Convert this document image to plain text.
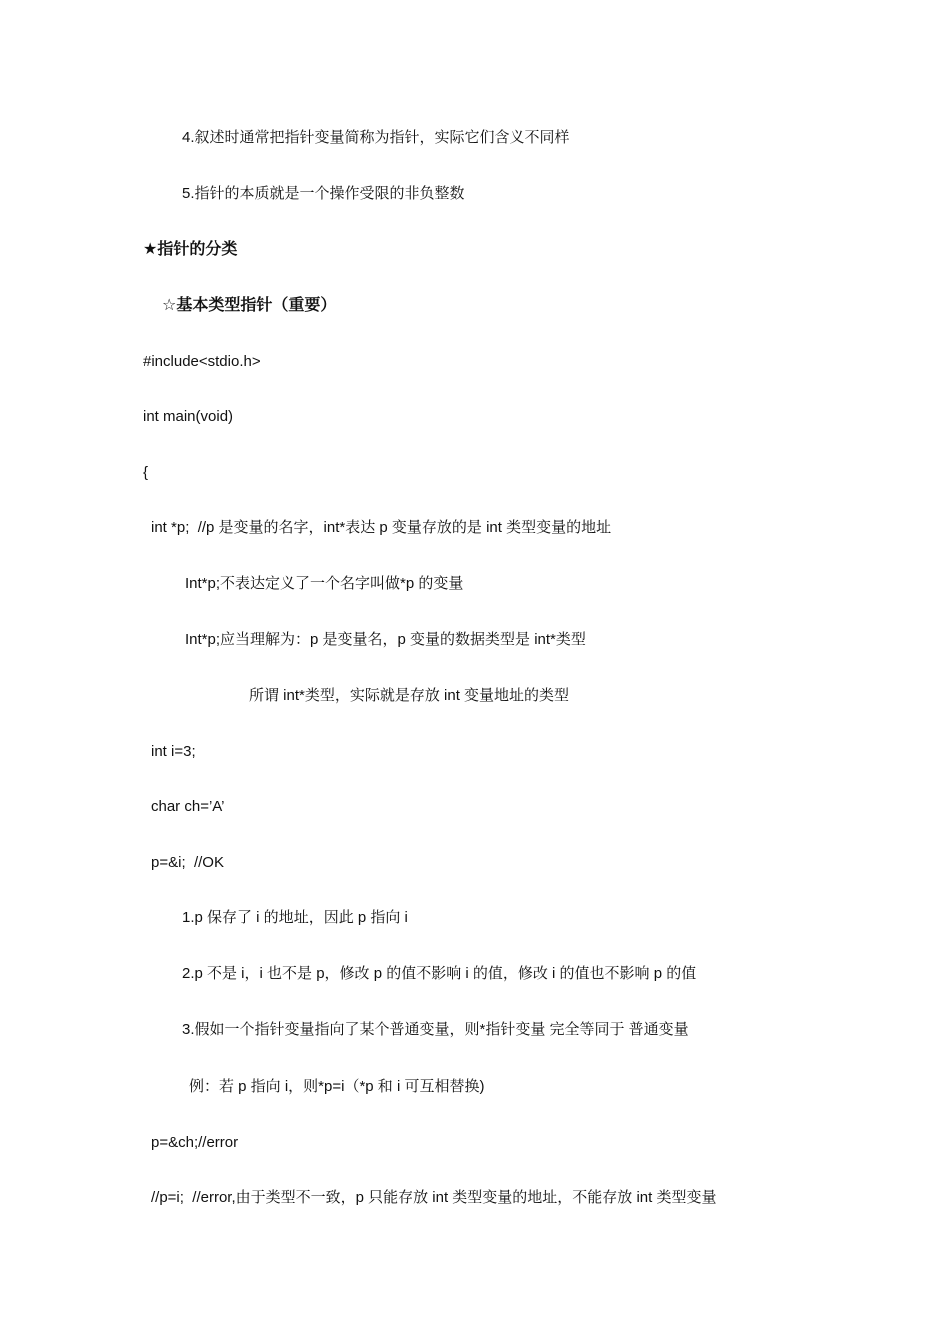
4.叙述时通常把指针变量简称为指针，实际它们含义不同样
5.指针的本质就是一个操作受限的非负整数
★指针的分类
☆基本类型指针（重要）
#include<stdio.h>
int main(void)
{
int *p;  //p 是变量的名字，int*表达 p 变量存放的是 int 类型变量的地址
Int*p;不表达定义了一个名字叫做*p 的变量
Int*p;应当理解为：p 是变量名，p 变量的数据类型是 int*类型
所谓 int*类型，实际就是存放 int 变量地址的类型
int i=3;
char ch=’A’
p=&i;  //OK
1.p 保存了 i 的地址，因此 p 指向 i
2.p 不是 i，i 也不是 p，修改 p 的值不影响 i 的值，修改 i 的值也不影响 p 的值
3.假如一个指针变量指向了某个普通变量，则*指针变量 完全等同于 普通变量
例：若 p 指向 i，则*p=i（*p 和 i 可互相替换)
p=&ch;//error
//p=i;  //error,由于类型不一致，p 只能存放 int 类型变量的地址，不能存放 int 类型变量
